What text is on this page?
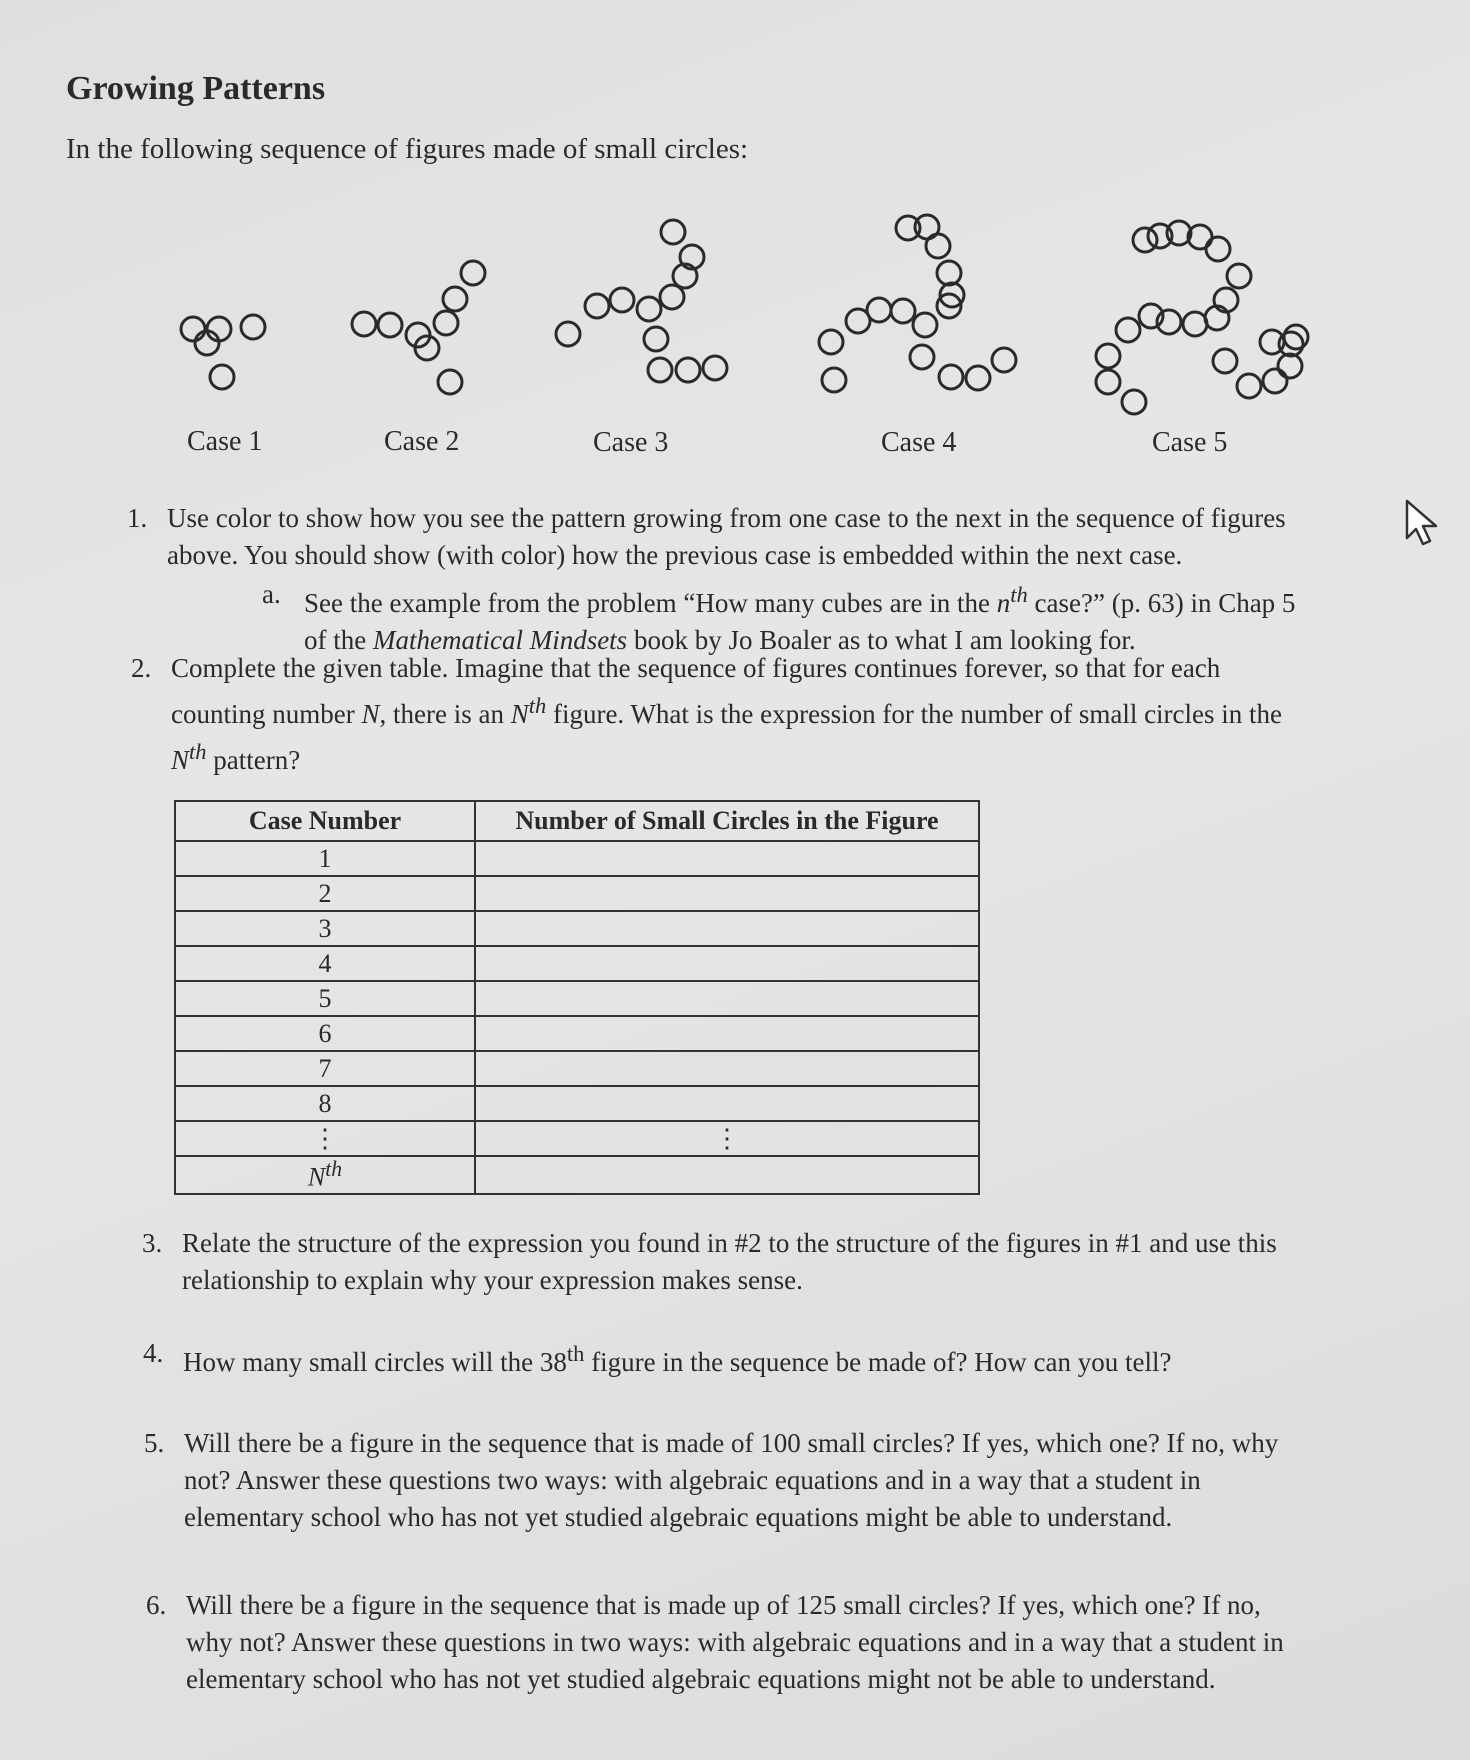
Growing Patterns

In the following sequence of figures made of small circles:

Case 1	Case 2	Case 3	Case 4	Case 5
1. Use color to show how you see the pattern growing from one case to the next in the sequence of figures
above. You should show (with color) how the previous case is embedded within the next case.
a. See the example from the problem “How many cubes are in the $n^{th}$ case?” (p. 63) in Chap 5
of the Mathematical Mindsets book by Jo Boaler as to what I am looking for.
2. Complete the given table. Imagine that the sequence of figures continues forever, so that for each
counting number N, there is an $N^{th}$ figure. What is the expression for the number of small circles in the
$N^{th}$ pattern?
Case Number	Number of Small Circles in the Figure
1	
2	
3	
4	
5	
6	
7	
8	
⋮	⋮
$N^{th}$	
3. Relate the structure of the expression you found in #2 to the structure of the figures in #1 and use this
relationship to explain why your expression makes sense.
4. How many small circles will the 38th figure in the sequence be made of? How can you tell?
5. Will there be a figure in the sequence that is made of 100 small circles? If yes, which one? If no, why
not? Answer these questions two ways: with algebraic equations and in a way that a student in
elementary school who has not yet studied algebraic equations might be able to understand.
6. Will there be a figure in the sequence that is made up of 125 small circles? If yes, which one? If no,
why not? Answer these questions in two ways: with algebraic equations and in a way that a student in
elementary school who has not yet studied algebraic equations might not be able to understand.
